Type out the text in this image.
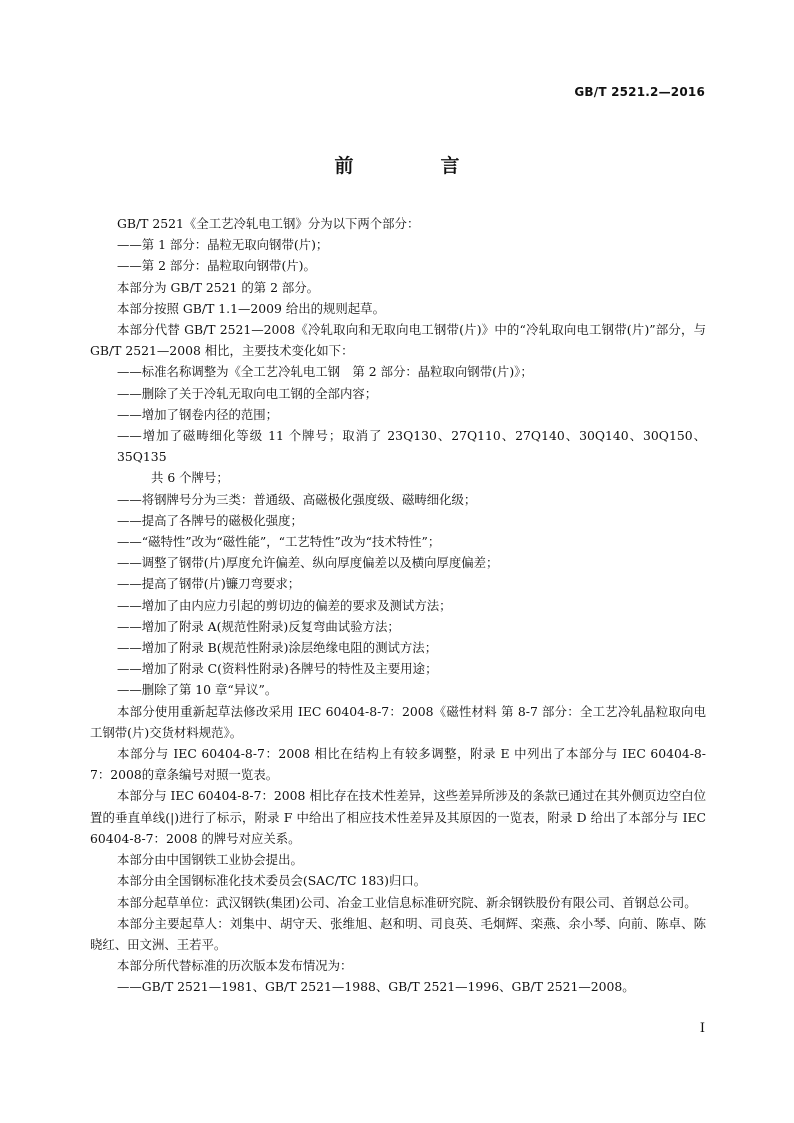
GB/T 2521.2—2016
前　言

GB/T 2521《全工艺冷轧电工钢》分为以下两个部分：

——第 1 部分：晶粒无取向钢带(片)；

——第 2 部分：晶粒取向钢带(片)。

本部分为 GB/T 2521 的第 2 部分。

本部分按照 GB/T 1.1—2009 给出的规则起草。

本部分代替 GB/T 2521—2008《冷轧取向和无取向电工钢带(片)》中的“冷轧取向电工钢带(片)”部分，与 GB/T 2521—2008 相比，主要技术变化如下：

——标准名称调整为《全工艺冷轧电工钢　第 2 部分：晶粒取向钢带(片)》；

——删除了关于冷轧无取向电工钢的全部内容；

——增加了钢卷内径的范围；

——增加了磁畴细化等级 11 个牌号；取消了 23Q130、27Q110、27Q140、30Q140、30Q150、35Q135
共 6 个牌号；

——将钢牌号分为三类：普通级、高磁极化强度级、磁畴细化级；

——提高了各牌号的磁极化强度；

——“磁特性”改为“磁性能”，“工艺特性”改为“技术特性”；

——调整了钢带(片)厚度允许偏差、纵向厚度偏差以及横向厚度偏差；

——提高了钢带(片)镰刀弯要求；

——增加了由内应力引起的剪切边的偏差的要求及测试方法；

——增加了附录 A(规范性附录)反复弯曲试验方法；

——增加了附录 B(规范性附录)涂层绝缘电阻的测试方法；

——增加了附录 C(资料性附录)各牌号的特性及主要用途；

——删除了第 10 章“异议”。

本部分使用重新起草法修改采用 IEC 60404-8-7：2008《磁性材料 第 8-7 部分：全工艺冷轧晶粒取向电工钢带(片)交货材料规范》。

本部分与 IEC 60404-8-7：2008 相比在结构上有较多调整，附录 E 中列出了本部分与 IEC 60404-8-7：2008的章条编号对照一览表。

本部分与 IEC 60404-8-7：2008 相比存在技术性差异，这些差异所涉及的条款已通过在其外侧页边空白位置的垂直单线(|)进行了标示，附录 F 中给出了相应技术性差异及其原因的一览表，附录 D 给出了本部分与 IEC 60404-8-7：2008 的牌号对应关系。

本部分由中国钢铁工业协会提出。

本部分由全国钢标准化技术委员会(SAC/TC 183)归口。

本部分起草单位：武汉钢铁(集团)公司、冶金工业信息标准研究院、新余钢铁股份有限公司、首钢总公司。

本部分主要起草人：刘集中、胡守天、张维旭、赵和明、司良英、毛炯辉、栾燕、余小琴、向前、陈卓、陈晓红、田文洲、王若平。

本部分所代替标准的历次版本发布情况为：

——GB/T 2521—1981、GB/T 2521—1988、GB/T 2521—1996、GB/T 2521—2008。

I
